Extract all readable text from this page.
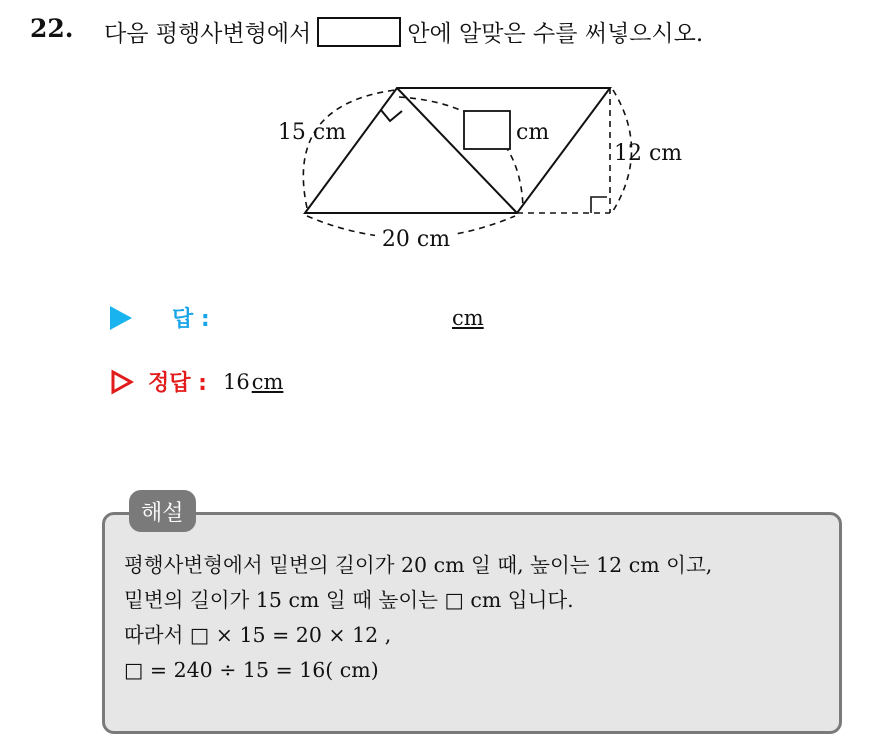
22. 다음 평행사변형에서	안에 알맞은 수를 써넣으시오.
15 cm	cm
12 cm
20 cm
답 :	cm
정답 : 16cm
해설
평행사변형에서 밑변의 길이가 20 cm 일 때, 높이는 12 cm 이고,
밑변의 길이가 15 cm 일 때 높이는 □ cm 입니다.
따라서 □ × 15 = 20 × 12 ,
□ = 240 ÷ 15 = 16( cm)
